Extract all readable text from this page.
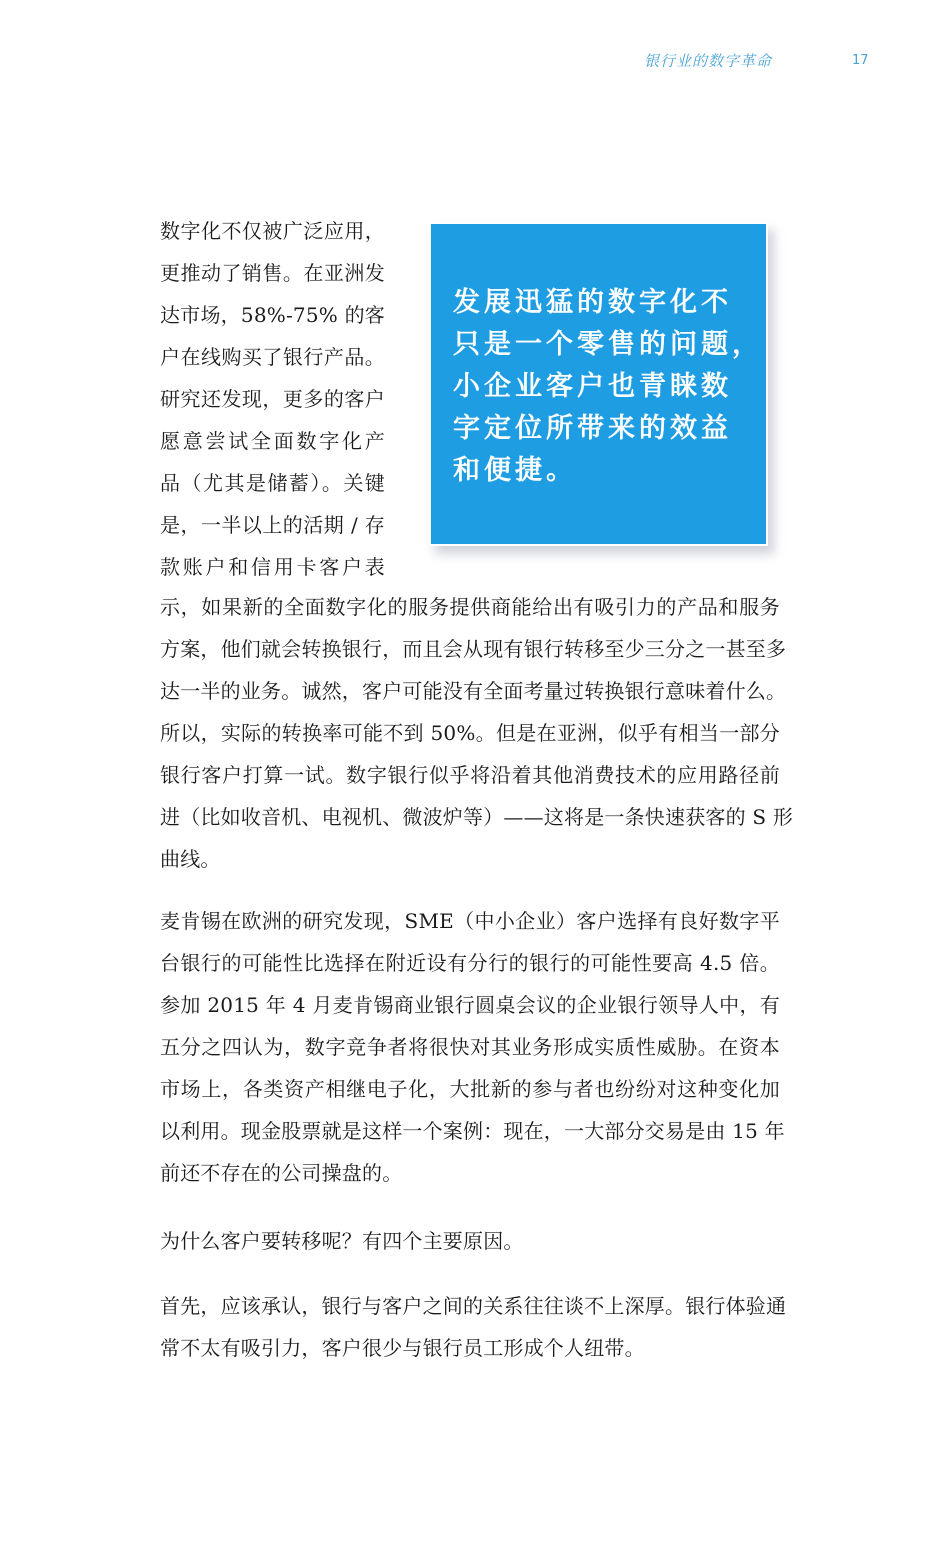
银行业的数字革命	17
数字化不仅被广泛应用，
更推动了销售。在亚洲发
达市场，58%-75% 的客
户在线购买了银行产品。
研究还发现，更多的客户
愿意尝试全面数字化产
品（尤其是储蓄）。关键
是，一半以上的活期 / 存
款账户和信用卡客户表
发展迅猛的数字化不
只是一个零售的问题，
小企业客户也青睐数
字定位所带来的效益
和便捷。
示，如果新的全面数字化的服务提供商能给出有吸引力的产品和服务
方案，他们就会转换银行，而且会从现有银行转移至少三分之一甚至多
达一半的业务。诚然，客户可能没有全面考量过转换银行意味着什么。
所以，实际的转换率可能不到 50%。但是在亚洲，似乎有相当一部分
银行客户打算一试。数字银行似乎将沿着其他消费技术的应用路径前
进（比如收音机、电视机、微波炉等）——这将是一条快速获客的 S 形
曲线。
麦肯锡在欧洲的研究发现，SME（中小企业）客户选择有良好数字平
台银行的可能性比选择在附近设有分行的银行的可能性要高 4.5 倍。
参加 2015 年 4 月麦肯锡商业银行圆桌会议的企业银行领导人中，有
五分之四认为，数字竞争者将很快对其业务形成实质性威胁。在资本
市场上，各类资产相继电子化，大批新的参与者也纷纷对这种变化加
以利用。现金股票就是这样一个案例：现在，一大部分交易是由 15 年
前还不存在的公司操盘的。
为什么客户要转移呢？有四个主要原因。
首先，应该承认，银行与客户之间的关系往往谈不上深厚。银行体验通
常不太有吸引力，客户很少与银行员工形成个人纽带。
